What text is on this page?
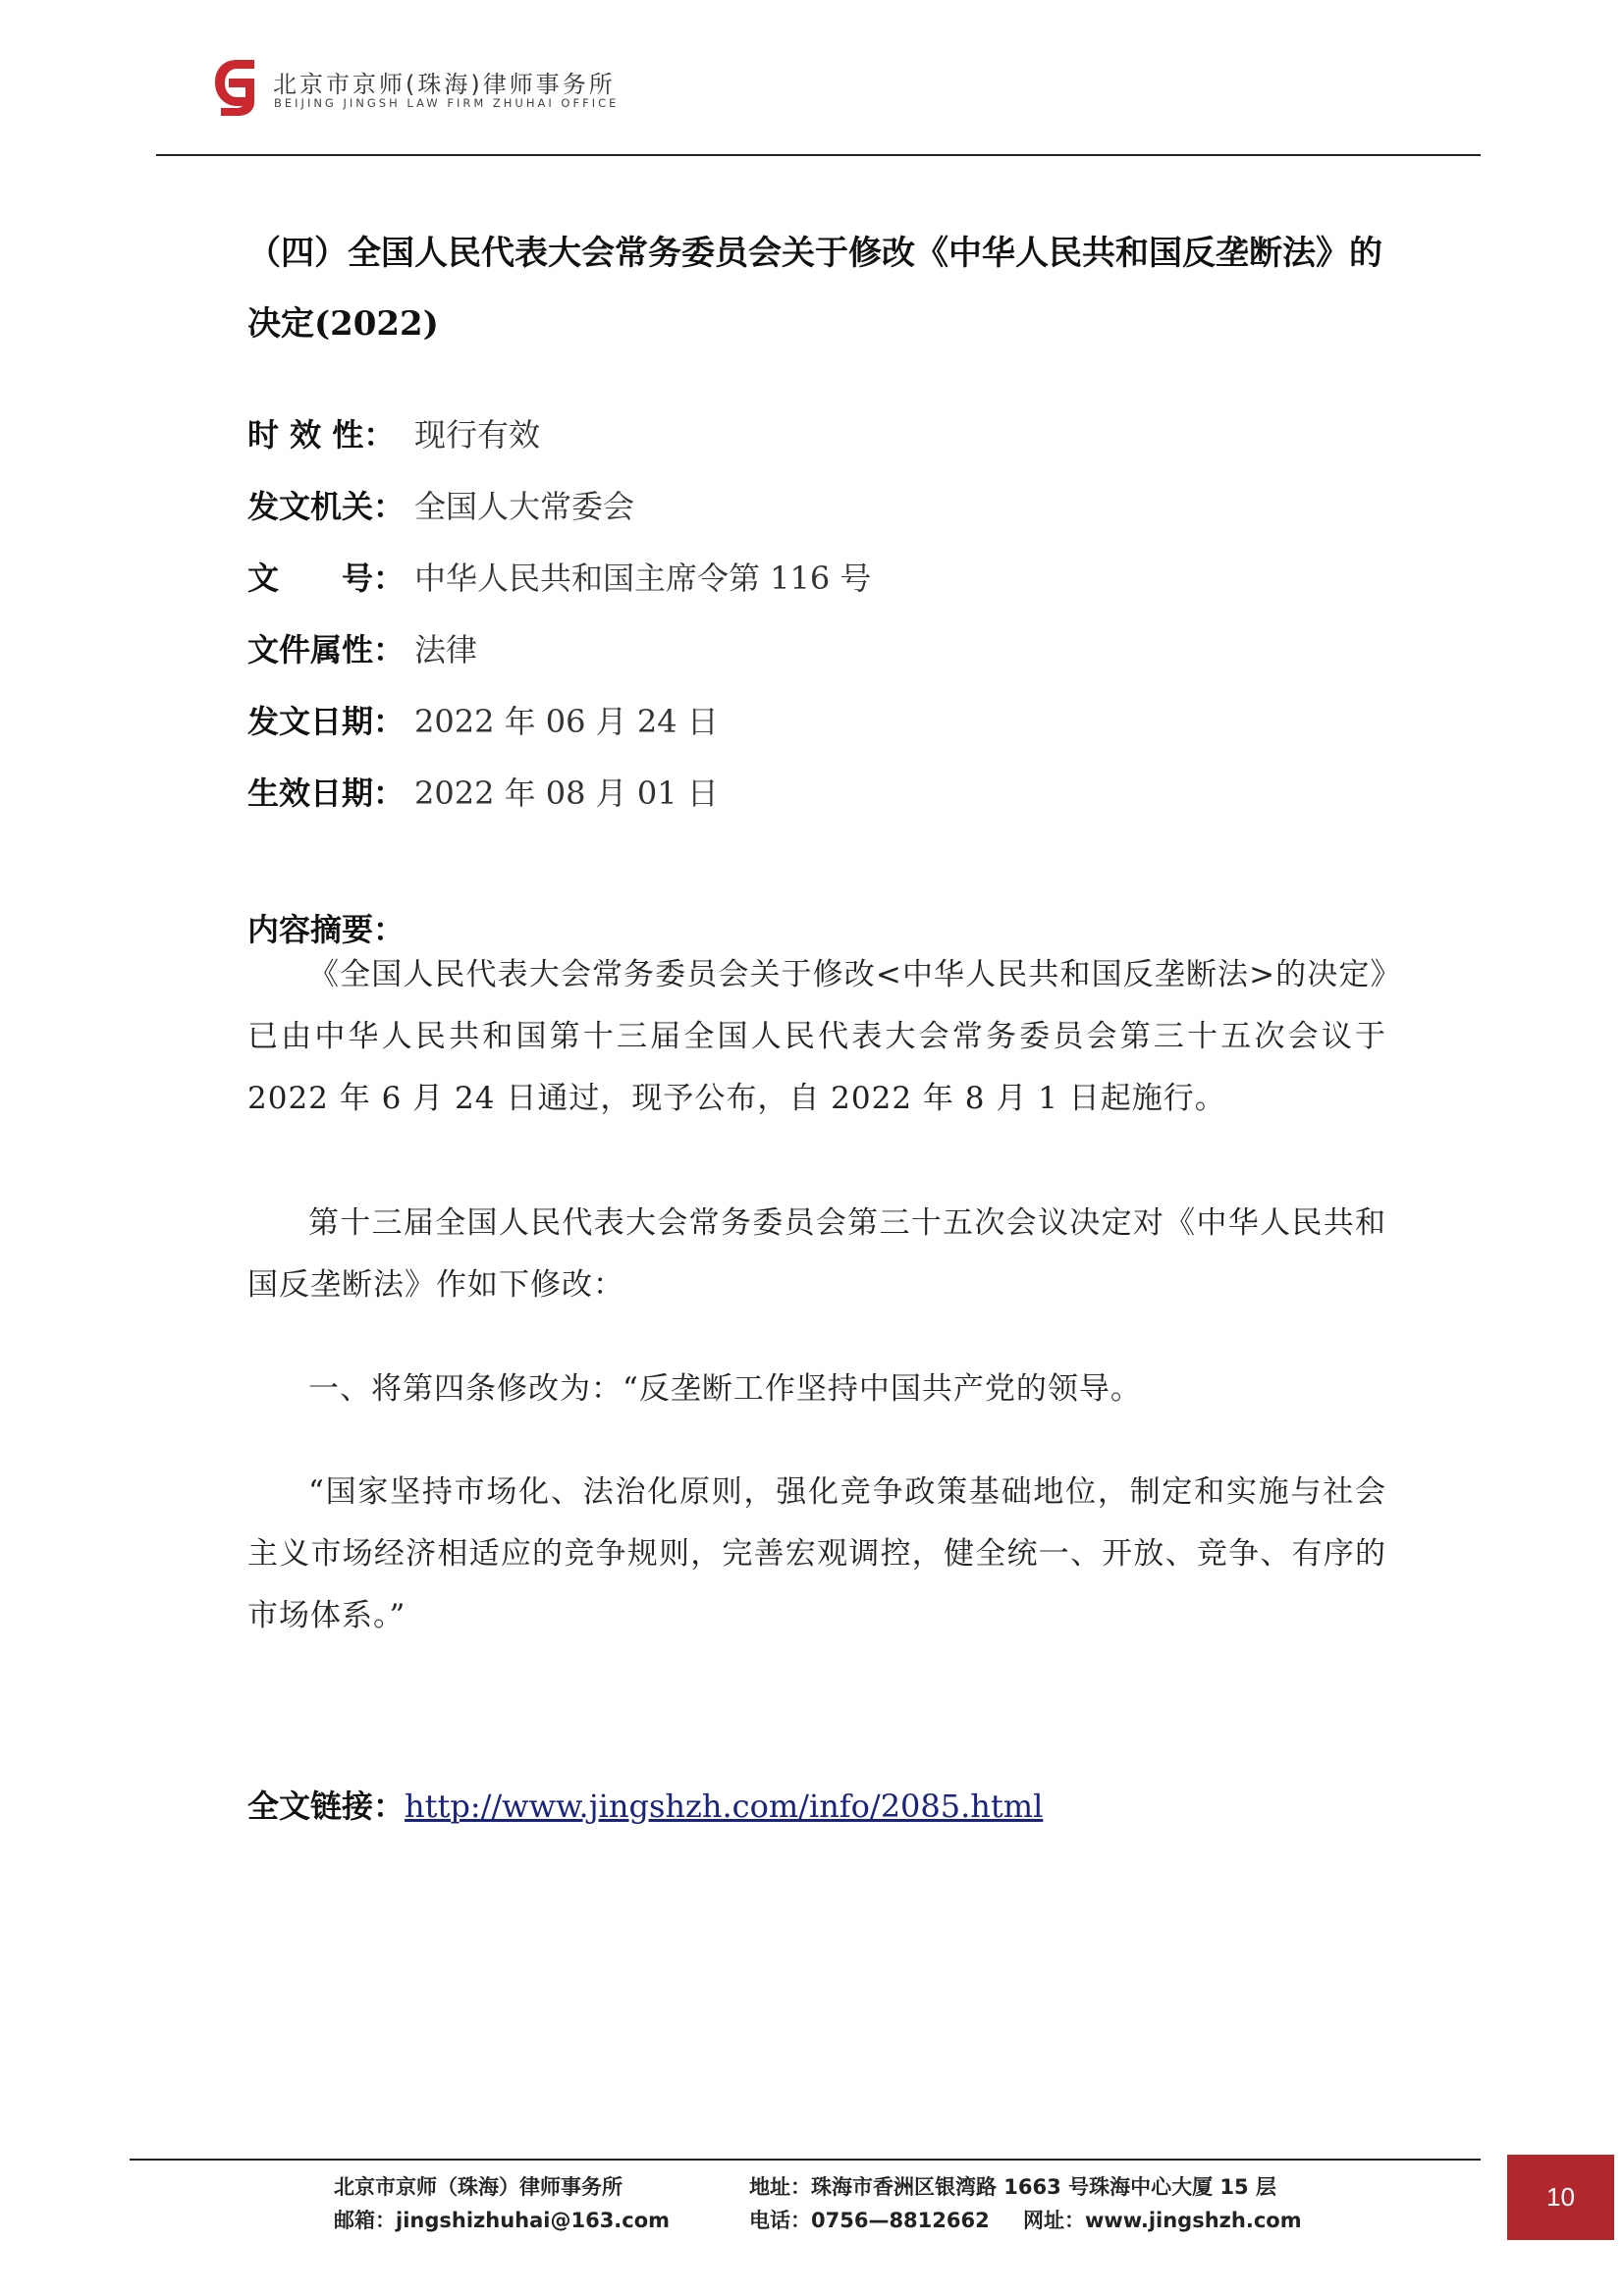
北京市京师(珠海)律师事务所
BEIJING JINGSH LAW FIRM ZHUHAI OFFICE
（四）全国人民代表大会常务委员会关于修改《中华人民共和国反垄断法》的决定(2022)
时 效 性： 现行有效
发文机关： 全国人大常委会
文　　号： 中华人民共和国主席令第 116 号
文件属性： 法律
发文日期： 2022 年 06 月 24 日
生效日期： 2022 年 08 月 01 日
内容摘要：

《全国人民代表大会常务委员会关于修改<中华人民共和国反垄断法>的决定》已由中华人民共和国第十三届全国人民代表大会常务委员会第三十五次会议于 2022 年 6 月 24 日通过，现予公布，自 2022 年 8 月 1 日起施行。

第十三届全国人民代表大会常务委员会第三十五次会议决定对《中华人民共和国反垄断法》作如下修改：

一、将第四条修改为：“反垄断工作坚持中国共产党的领导。

“国家坚持市场化、法治化原则，强化竞争政策基础地位，制定和实施与社会主义市场经济相适应的竞争规则，完善宏观调控，健全统一、开放、竞争、有序的市场体系。”

全文链接：http://www.jingshzh.com/info/2085.html
北京市京师（珠海）律师事务所
邮箱：jingshizhuhai@163.com
地址：珠海市香洲区银湾路 1663 号珠海中心大厦 15 层
电话：0756—8812662 网址：www.jingshzh.com
10
